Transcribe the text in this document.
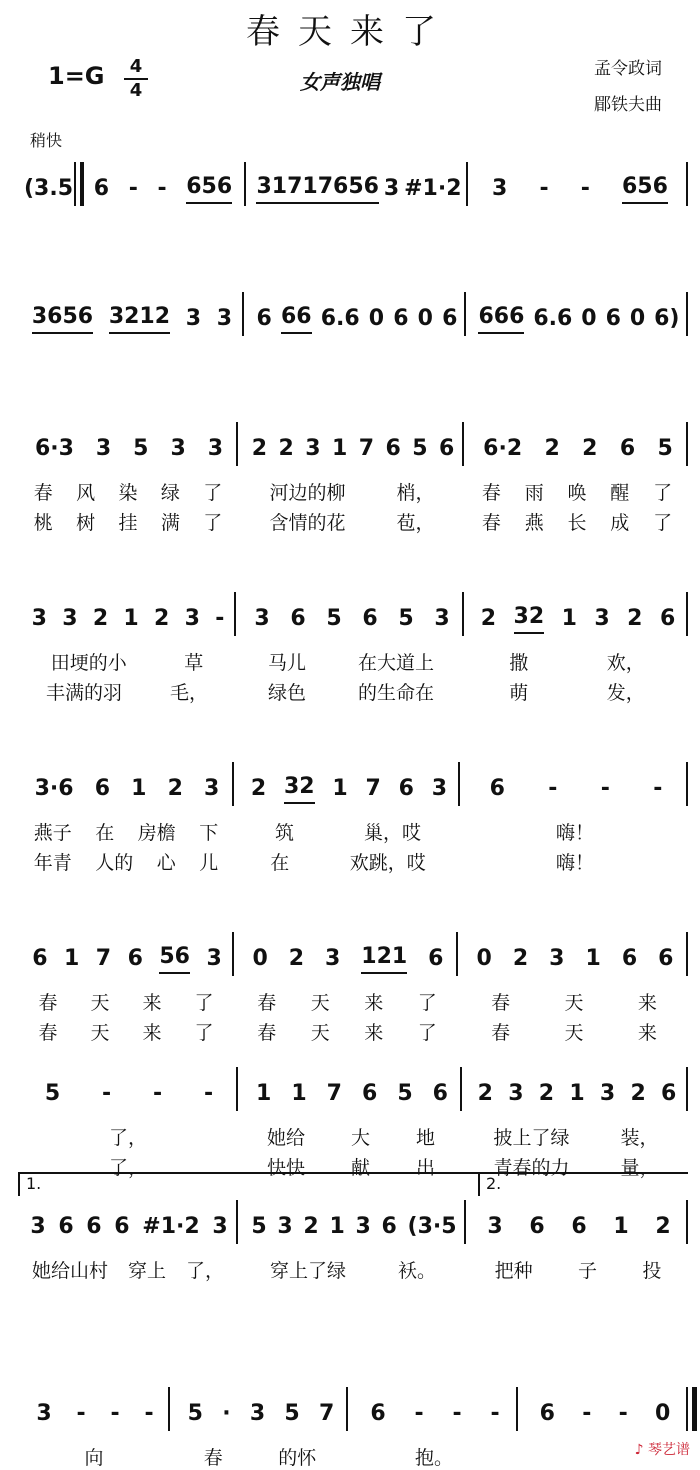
春天来了
1=G	4
4	女声独唱
孟令政词
郿铁夫曲
稍快
(3.5 6 - - 656 31717656 3 #1·2 3 - - 656
3656 3212 3 3 6 66 6.6 0 6 0 6 666 6.6 0 6 0 6)
6·3 3 5 3 3 2 2 3 1 7 6 5 6 6·2 2 2 6 5
春 风 染 绿 了 河边的柳	梢， 春 雨 唤 醒 了
桃 树 挂 满 了 含情的花	苞， 春 燕 长 成 了
3 3 2 1 2 3 - 3 6 5 6 5 3 2 32 1 3 2 6
田埂的小	草	马儿	在大道上	撒	欢，
丰满的羽	毛，	绿色	的生命在	萌	发，
3·6 6 1 2 3 2 32 1 7 6 3 6 - - -
燕子 在 房檐 下	筑	巢，哎	嗨！
年青 人的 心 儿	在	欢跳，哎	嗨！
6 1 7 6 56 3 0 2 3 121 6 0 2 3 1 6 6
春 天 来 了 春 天 来 了	春	天	来
春 天 来 了 春 天 来 了	春	天	来
5 - - - 1 1 7 6 5 6 2 3 2 1 3 2 6
了，	她给 大 地	披上了绿	装，
了，	快快 献 出	青春的力	量，
3 6 6 6 #1·2 3 5 3 2 1 3 6 (3·5 3 6 6 1 2
1.	2.
她给山村 穿上 了， 穿上了绿	袄。	把种 子 投
3 - - - 5 · 3 5 7 6 - - - 6 - - 0
向	春	的怀	抱。	♪ 琴艺谱
